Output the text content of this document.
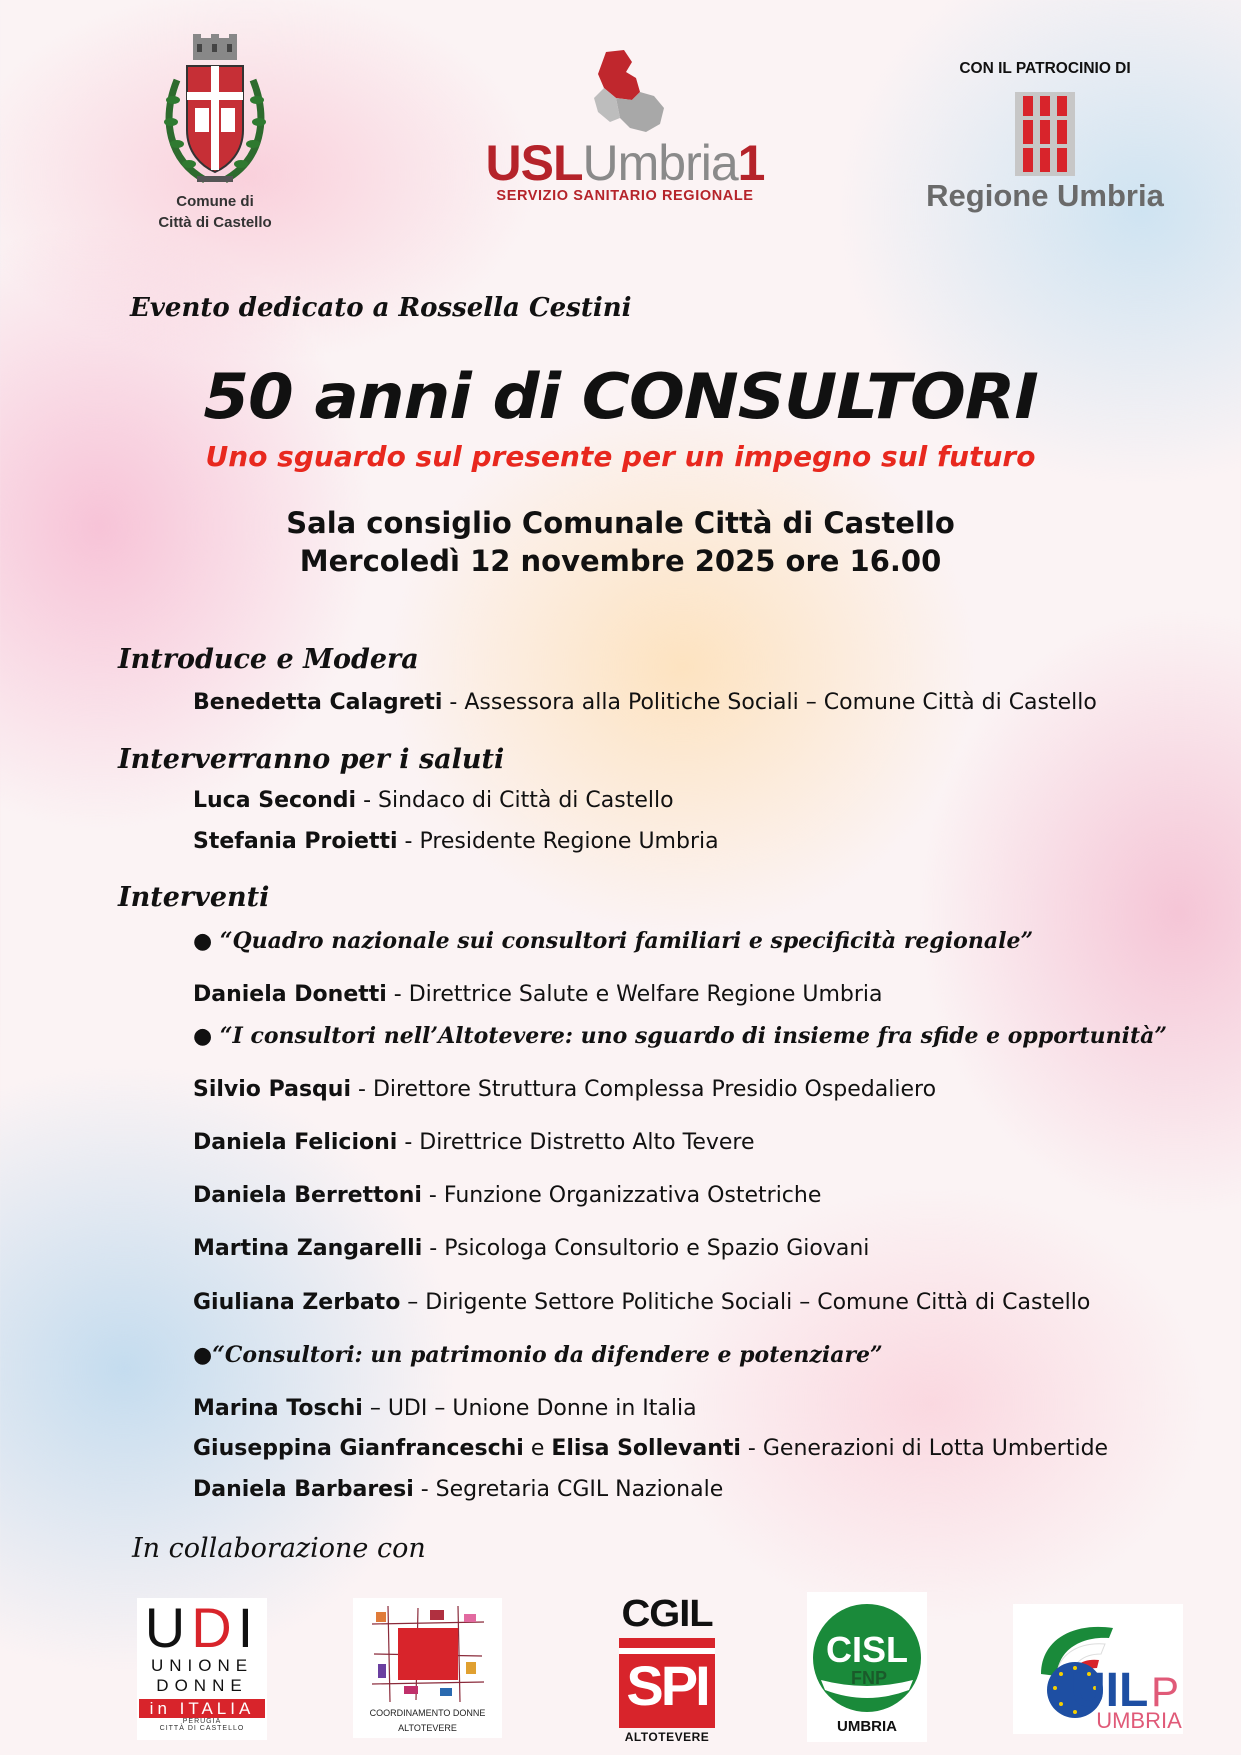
Comune di
Città di Castello
USLUmbria1
SERVIZIO SANITARIO REGIONALE
CON IL PATROCINIO DI
Regione Umbria
Evento dedicato a Rossella Cestini
50 anni di CONSULTORI
Uno sguardo sul presente per un impegno sul futuro
Sala consiglio Comunale Città di Castello
Mercoledì 12 novembre 2025 ore 16.00
Introduce e Modera
Benedetta Calagreti - Assessora alla Politiche Sociali – Comune Città di Castello
Interverranno per i saluti
Luca Secondi - Sindaco di Città di Castello
Stefania Proietti - Presidente Regione Umbria
Interventi
● “Quadro nazionale sui consultori familiari e specificità regionale”
Daniela Donetti - Direttrice Salute e Welfare Regione Umbria
● “I consultori nell’Altotevere: uno sguardo di insieme fra sfide e opportunità”
Silvio Pasqui - Direttore Struttura Complessa Presidio Ospedaliero
Daniela Felicioni - Direttrice Distretto Alto Tevere
Daniela Berrettoni - Funzione Organizzativa Ostetriche
Martina Zangarelli - Psicologa Consultorio e Spazio Giovani
Giuliana Zerbato – Dirigente Settore Politiche Sociali – Comune Città di Castello
●“Consultori: un patrimonio da difendere e potenziare”
Marina Toschi – UDI – Unione Donne in Italia
Giuseppina Gianfranceschi e Elisa Sollevanti - Generazioni di Lotta Umbertide
Daniela Barbaresi - Segretaria CGIL Nazionale
In collaborazione con
UDI
UNIONE
DONNE
in ITALIA
PERUGIA
CITTÀ DI CASTELLO
COORDINAMENTO DONNE
ALTOTEVERE
CGIL
SPI
ALTOTEVERE
CISL
FNP
UMBRIA
UIL P
UMBRIA
